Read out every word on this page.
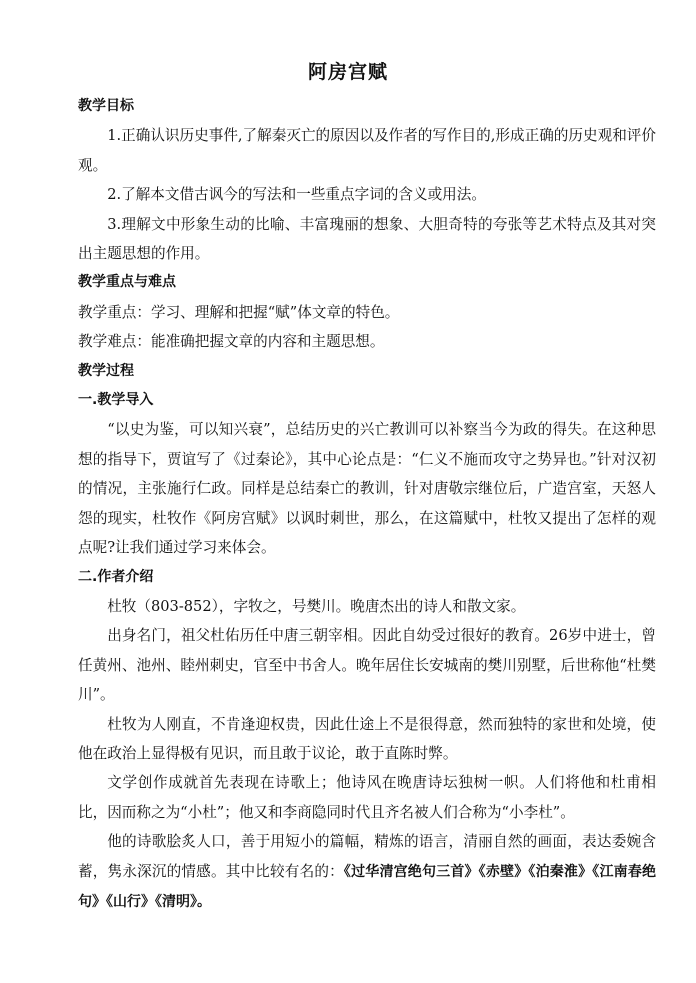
阿房宫赋

教学目标

1.正确认识历史事件,了解秦灭亡的原因以及作者的写作目的,形成正确的历史观和评价观。

2.了解本文借古讽今的写法和一些重点字词的含义或用法。

3.理解文中形象生动的比喻、丰富瑰丽的想象、大胆奇特的夸张等艺术特点及其对突出主题思想的作用。

教学重点与难点

教学重点：学习、理解和把握“赋”体文章的特色。

教学难点：能准确把握文章的内容和主题思想。

教学过程

一.教学导入

“以史为鉴，可以知兴衰”，总结历史的兴亡教训可以补察当今为政的得失。在这种思想的指导下，贾谊写了《过秦论》，其中心论点是：“仁义不施而攻守之势异也。”针对汉初的情况，主张施行仁政。同样是总结秦亡的教训，针对唐敬宗继位后，广造宫室，天怒人怨的现实，杜牧作《阿房宫赋》以讽时刺世，那么，在这篇赋中，杜牧又提出了怎样的观点呢?让我们通过学习来体会。

二.作者介绍

杜牧（803-852），字牧之，号樊川。晚唐杰出的诗人和散文家。

出身名门，祖父杜佑历任中唐三朝宰相。因此自幼受过很好的教育。26岁中进士，曾任黄州、池州、睦州刺史，官至中书舍人。晚年居住长安城南的樊川别墅，后世称他“杜樊川”。

杜牧为人刚直，不肯逢迎权贵，因此仕途上不是很得意，然而独特的家世和处境，使他在政治上显得极有见识，而且敢于议论，敢于直陈时弊。

文学创作成就首先表现在诗歌上；他诗风在晚唐诗坛独树一帜。人们将他和杜甫相比，因而称之为“小杜”；他又和李商隐同时代且齐名被人们合称为“小李杜”。

他的诗歌脍炙人口，善于用短小的篇幅，精炼的语言，清丽自然的画面，表达委婉含蓄，隽永深沉的情感。其中比较有名的：《过华清宫绝句三首》《赤壁》《泊秦淮》《江南春绝句》《山行》《清明》。
